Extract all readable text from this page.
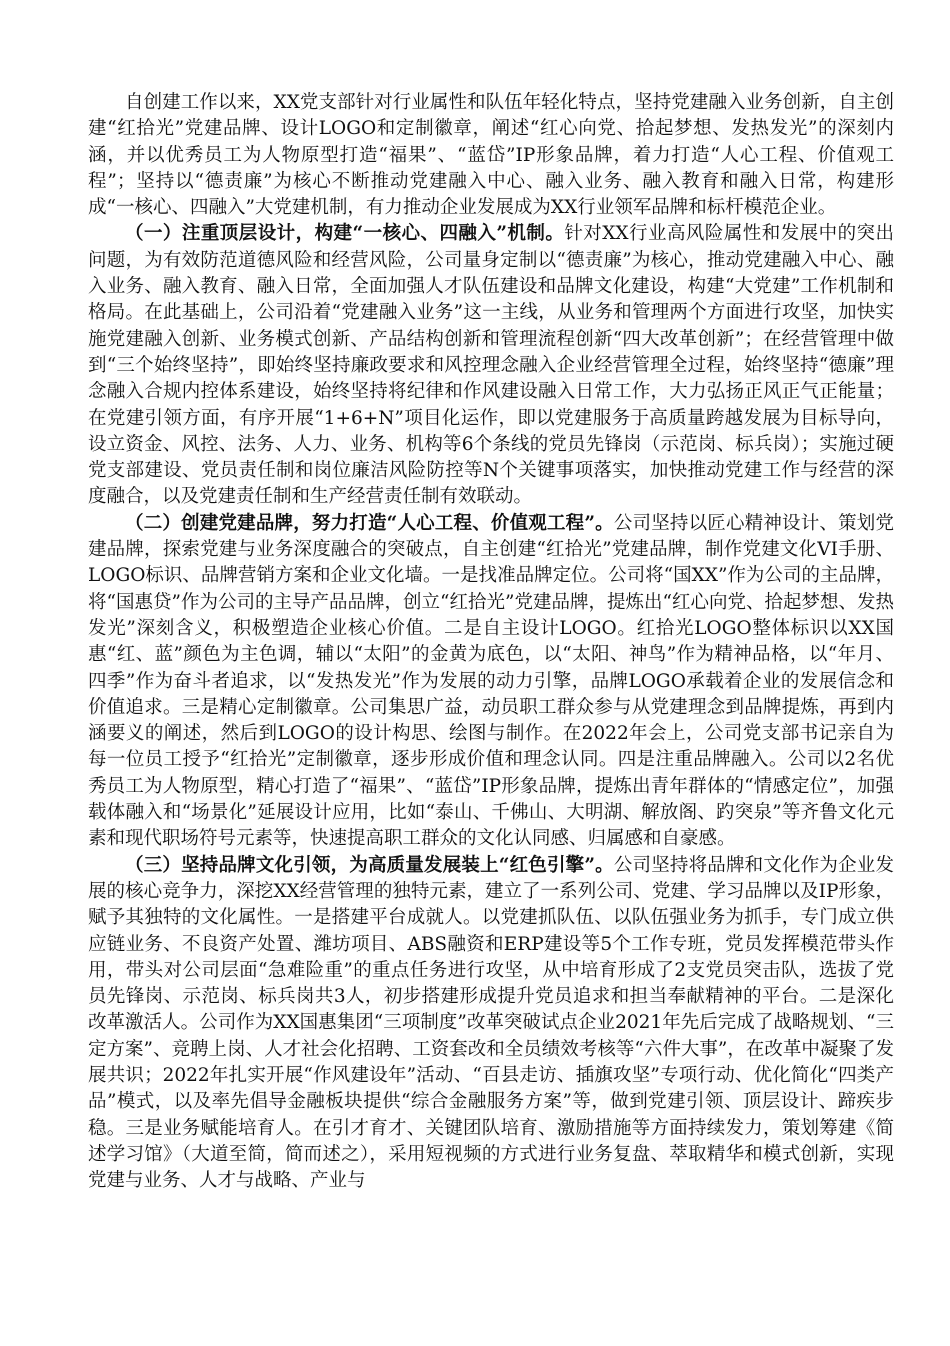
自创建工作以来，XX党支部针对行业属性和队伍年轻化特点，坚持党建融入业务创新，自主创建“红拾光”党建品牌、设计LOGO和定制徽章，阐述“红心向党、拾起梦想、发热发光”的深刻内涵，并以优秀员工为人物原型打造“福果”、“蓝岱”IP形象品牌，着力打造“人心工程、价值观工程”；坚持以“德责廉”为核心不断推动党建融入中心、融入业务、融入教育和融入日常，构建形成“一核心、四融入”大党建机制，有力推动企业发展成为XX行业领军品牌和标杆模范企业。

（一）注重顶层设计，构建“一核心、四融入”机制。针对XX行业高风险属性和发展中的突出问题，为有效防范道德风险和经营风险，公司量身定制以“德责廉”为核心，推动党建融入中心、融入业务、融入教育、融入日常，全面加强人才队伍建设和品牌文化建设，构建“大党建”工作机制和格局。在此基础上，公司沿着“党建融入业务”这一主线，从业务和管理两个方面进行攻坚，加快实施党建融入创新、业务模式创新、产品结构创新和管理流程创新“四大改革创新”；在经营管理中做到“三个始终坚持”，即始终坚持廉政要求和风控理念融入企业经营管理全过程，始终坚持“德廉”理念融入合规内控体系建设，始终坚持将纪律和作风建设融入日常工作，大力弘扬正风正气正能量；在党建引领方面，有序开展“1+6+N”项目化运作，即以党建服务于高质量跨越发展为目标导向，设立资金、风控、法务、人力、业务、机构等6个条线的党员先锋岗（示范岗、标兵岗）；实施过硬党支部建设、党员责任制和岗位廉洁风险防控等N个关键事项落实，加快推动党建工作与经营的深度融合，以及党建责任制和生产经营责任制有效联动。

（二）创建党建品牌，努力打造“人心工程、价值观工程”。公司坚持以匠心精神设计、策划党建品牌，探索党建与业务深度融合的突破点，自主创建“红拾光”党建品牌，制作党建文化VI手册、LOGO标识、品牌营销方案和企业文化墙。一是找准品牌定位。公司将“国XX”作为公司的主品牌，将“国惠贷”作为公司的主导产品品牌，创立“红拾光”党建品牌，提炼出“红心向党、拾起梦想、发热发光”深刻含义，积极塑造企业核心价值。二是自主设计LOGO。红拾光LOGO整体标识以XX国惠“红、蓝”颜色为主色调，辅以“太阳”的金黄为底色，以“太阳、神鸟”作为精神品格，以“年月、四季”作为奋斗者追求，以“发热发光”作为发展的动力引擎，品牌LOGO承载着企业的发展信念和价值追求。三是精心定制徽章。公司集思广益，动员职工群众参与从党建理念到品牌提炼，再到内涵要义的阐述，然后到LOGO的设计构思、绘图与制作。在2022年会上，公司党支部书记亲自为每一位员工授予“红拾光”定制徽章，逐步形成价值和理念认同。四是注重品牌融入。公司以2名优秀员工为人物原型，精心打造了“福果”、“蓝岱”IP形象品牌，提炼出青年群体的“情感定位”，加强载体融入和“场景化”延展设计应用，比如“泰山、千佛山、大明湖、解放阁、趵突泉”等齐鲁文化元素和现代职场符号元素等，快速提高职工群众的文化认同感、归属感和自豪感。

（三）坚持品牌文化引领，为高质量发展装上“红色引擎”。公司坚持将品牌和文化作为企业发展的核心竞争力，深挖XX经营管理的独特元素，建立了一系列公司、党建、学习品牌以及IP形象，赋予其独特的文化属性。一是搭建平台成就人。以党建抓队伍、以队伍强业务为抓手，专门成立供应链业务、不良资产处置、潍坊项目、ABS融资和ERP建设等5个工作专班，党员发挥模范带头作用，带头对公司层面“急难险重”的重点任务进行攻坚，从中培育形成了2支党员突击队，选拔了党员先锋岗、示范岗、标兵岗共3人，初步搭建形成提升党员追求和担当奉献精神的平台。二是深化改革激活人。公司作为XX国惠集团“三项制度”改革突破试点企业2021年先后完成了战略规划、“三定方案”、竞聘上岗、人才社会化招聘、工资套改和全员绩效考核等“六件大事”，在改革中凝聚了发展共识；2022年扎实开展“作风建设年”活动、“百县走访、插旗攻坚”专项行动、优化简化“四类产品”模式，以及率先倡导金融板块提供“综合金融服务方案”等，做到党建引领、顶层设计、蹄疾步稳。三是业务赋能培育人。在引才育才、关键团队培育、激励措施等方面持续发力，策划筹建《简述学习馆》（大道至简，简而述之），采用短视频的方式进行业务复盘、萃取精华和模式创新，实现党建与业务、人才与战略、产业与
